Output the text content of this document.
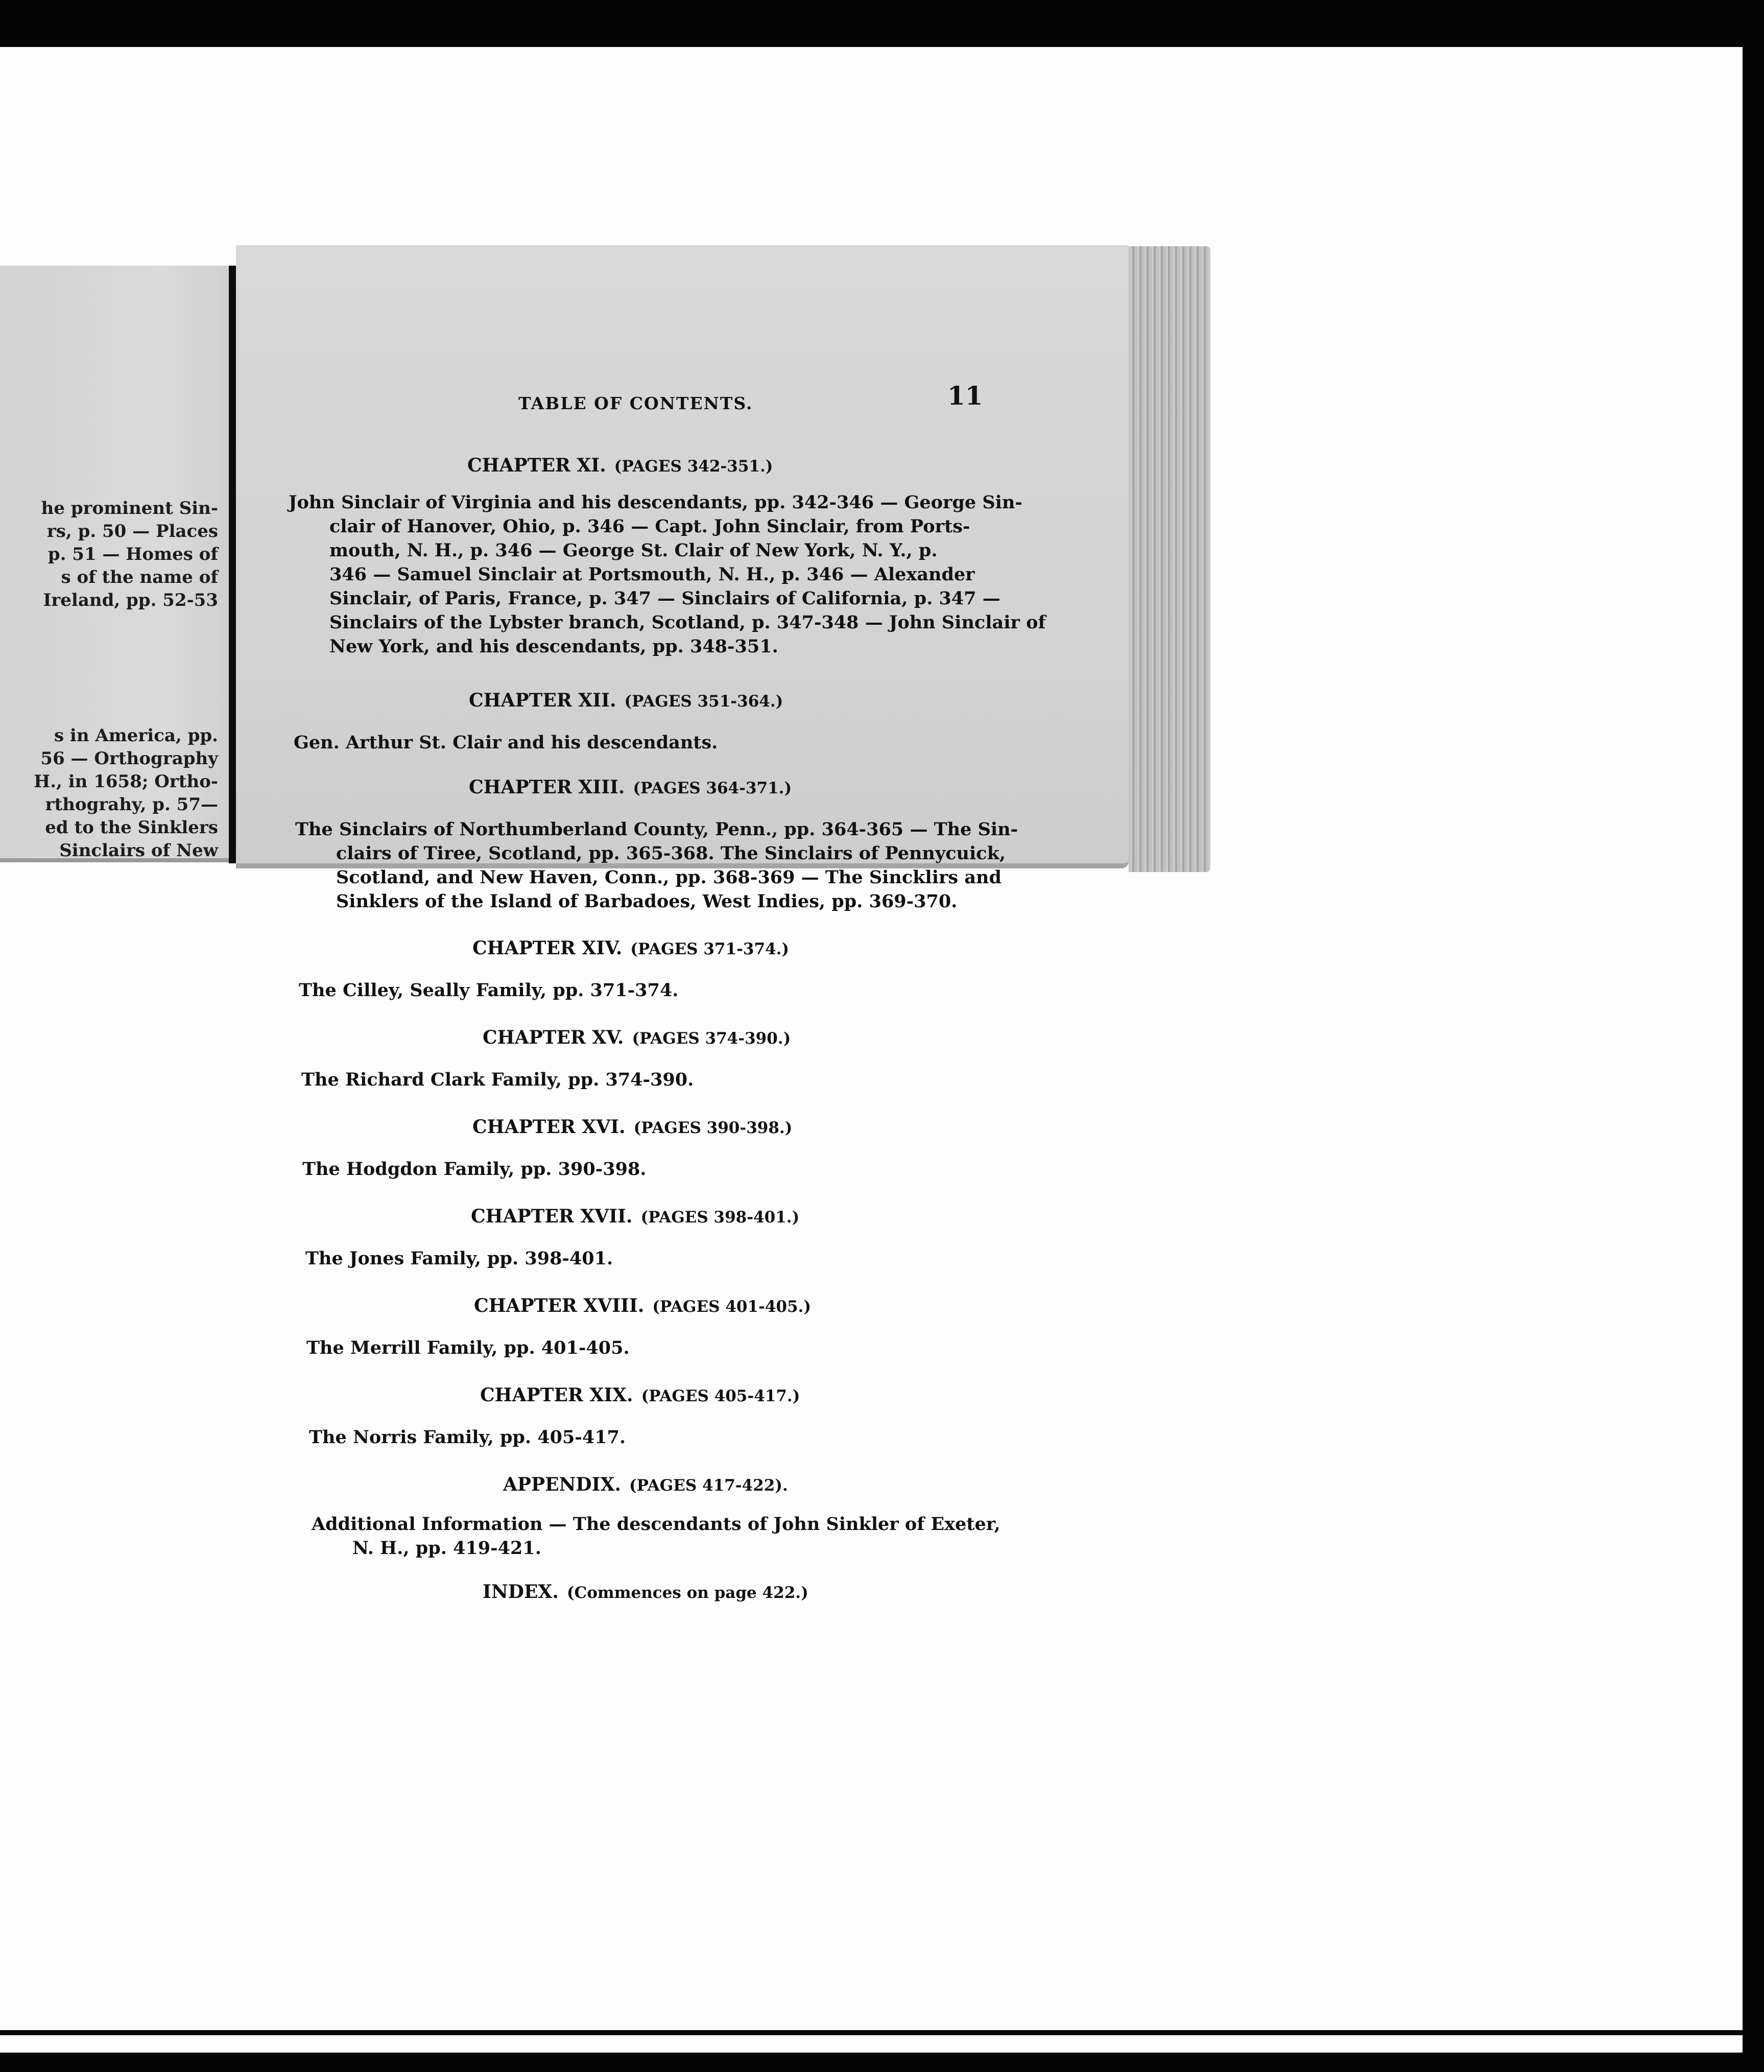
he prominent Sin-
rs, p. 50 — Places
p. 51 — Homes of
s of the name of
Ireland, pp. 52-53
TABLE OF CONTENTS.	11
CHAPTER XI. (PAGES 342-351.)
John Sinclair of Virginia and his descendants, pp. 342-346 — George Sin-
clair of Hanover, Ohio, p. 346 — Capt. John Sinclair, from Ports-
mouth, N. H., p. 346 — George St. Clair of New York, N. Y., p.
346 — Samuel Sinclair at Portsmouth, N. H., p. 346 — Alexander
Sinclair, of Paris, France, p. 347 — Sinclairs of California, p. 347 —
Sinclairs of the Lybster branch, Scotland, p. 347-348 — John Sinclair of
New York, and his descendants, pp. 348-351.
CHAPTER XII. (PAGES 351-364.)
Gen. Arthur St. Clair and his descendants.
CHAPTER XIII. (PAGES 364-371.)
The Sinclairs of Northumberland County, Penn., pp. 364-365 — The Sin-
clairs of Tiree, Scotland, pp. 365-368. The Sinclairs of Pennycuick,
Scotland, and New Haven, Conn., pp. 368-369 — The Sincklirs and
Sinklers of the Island of Barbadoes, West Indies, pp. 369-370.
CHAPTER XIV. (PAGES 371-374.)
The Cilley, Seally Family, pp. 371-374.
CHAPTER XV. (PAGES 374-390.)
The Richard Clark Family, pp. 374-390.
CHAPTER XVI. (PAGES 390-398.)
The Hodgdon Family, pp. 390-398.
CHAPTER XVII. (PAGES 398-401.)
The Jones Family, pp. 398-401.
CHAPTER XVIII. (PAGES 401-405.)
The Merrill Family, pp. 401-405.
CHAPTER XIX. (PAGES 405-417.)
The Norris Family, pp. 405-417.
APPENDIX. (PAGES 417-422).
Additional Information — The descendants of John Sinkler of Exeter,
N. H., pp. 419-421.
INDEX. (Commences on page 422.)
s in America, pp.
56 — Orthography
H., in 1658; Ortho-
rthograhy, p. 57—
ed to the Sinklers
Sinclairs of New
